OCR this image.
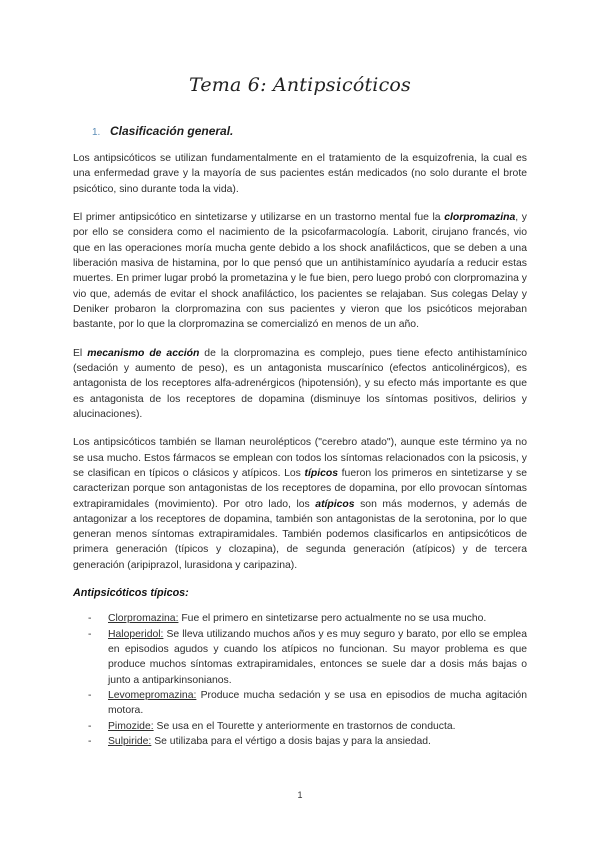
Tema 6: Antipsicóticos
1. Clasificación general.

Los antipsicóticos se utilizan fundamentalmente en el tratamiento de la esquizofrenia, la cual es una enfermedad grave y la mayoría de sus pacientes están medicados (no solo durante el brote psicótico, sino durante toda la vida).

El primer antipsicótico en sintetizarse y utilizarse en un trastorno mental fue la clorpromazina, y por ello se considera como el nacimiento de la psicofarmacología. Laborit, cirujano francés, vio que en las operaciones moría mucha gente debido a los shock anafilácticos, que se deben a una liberación masiva de histamina, por lo que pensó que un antihistamínico ayudaría a reducir estas muertes. En primer lugar probó la prometazina y le fue bien, pero luego probó con clorpromazina y vio que, además de evitar el shock anafiláctico, los pacientes se relajaban. Sus colegas Delay y Deniker probaron la clorpromazina con sus pacientes y vieron que los psicóticos mejoraban bastante, por lo que la clorpromazina se comercializó en menos de un año.

El mecanismo de acción de la clorpromazina es complejo, pues tiene efecto antihistamínico (sedación y aumento de peso), es un antagonista muscarínico (efectos anticolinérgicos), es antagonista de los receptores alfa-adrenérgicos (hipotensión), y su efecto más importante es que es antagonista de los receptores de dopamina (disminuye los síntomas positivos, delirios y alucinaciones).

Los antipsicóticos también se llaman neurolépticos ("cerebro atado"), aunque este término ya no se usa mucho. Estos fármacos se emplean con todos los síntomas relacionados con la psicosis, y se clasifican en típicos o clásicos y atípicos. Los típicos fueron los primeros en sintetizarse y se caracterizan porque son antagonistas de los receptores de dopamina, por ello provocan síntomas extrapiramidales (movimiento). Por otro lado, los atípicos son más modernos, y además de antagonizar a los receptores de dopamina, también son antagonistas de la serotonina, por lo que generan menos síntomas extrapiramidales. También podemos clasificarlos en antipsicóticos de primera generación (típicos y clozapina), de segunda generación (atípicos) y de tercera generación (aripiprazol, lurasidona y caripazina).

Antipsicóticos típicos:
- Clorpromazina: Fue el primero en sintetizarse pero actualmente no se usa mucho.
- Haloperidol: Se lleva utilizando muchos años y es muy seguro y barato, por ello se emplea en episodios agudos y cuando los atípicos no funcionan. Su mayor problema es que produce muchos síntomas extrapiramidales, entonces se suele dar a dosis más bajas o junto a antiparkinsonianos.
- Levomepromazina: Produce mucha sedación y se usa en episodios de mucha agitación motora.
- Pimozide: Se usa en el Tourette y anteriormente en trastornos de conducta.
- Sulpiride: Se utilizaba para el vértigo a dosis bajas y para la ansiedad.
1
